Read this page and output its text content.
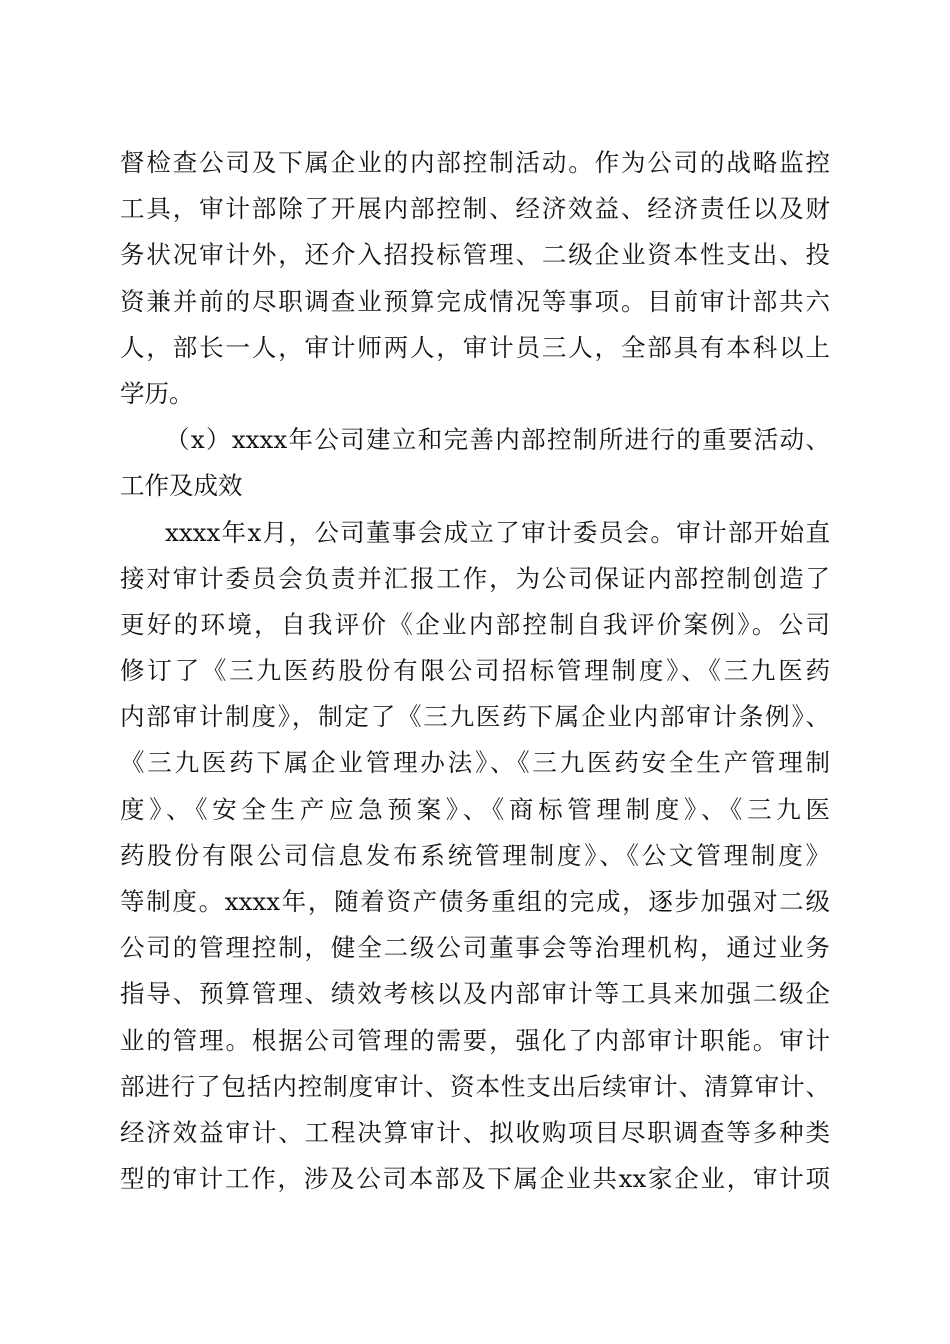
督检查公司及下属企业的内部控制活动。作为公司的战略监控
工具，审计部除了开展内部控制、经济效益、经济责任以及财
务状况审计外，还介入招投标管理、二级企业资本性支出、投
资兼并前的尽职调查业预算完成情况等事项。目前审计部共六
人，部长一人，审计师两人，审计员三人，全部具有本科以上
学历。
（x）xxxx年公司建立和完善内部控制所进行的重要活动、
工作及成效
xxxx年x月，公司董事会成立了审计委员会。审计部开始直
接对审计委员会负责并汇报工作，为公司保证内部控制创造了
更好的环境，自我评价《企业内部控制自我评价案例》。公司
修订了《三九医药股份有限公司招标管理制度》、《三九医药
内部审计制度》，制定了《三九医药下属企业内部审计条例》、
《三九医药下属企业管理办法》、《三九医药安全生产管理制
度》、《安全生产应急预案》、《商标管理制度》、《三九医
药股份有限公司信息发布系统管理制度》、《公文管理制度》
等制度。xxxx年，随着资产债务重组的完成，逐步加强对二级
公司的管理控制，健全二级公司董事会等治理机构，通过业务
指导、预算管理、绩效考核以及内部审计等工具来加强二级企
业的管理。根据公司管理的需要，强化了内部审计职能。审计
部进行了包括内控制度审计、资本性支出后续审计、清算审计、
经济效益审计、工程决算审计、拟收购项目尽职调查等多种类
型的审计工作，涉及公司本部及下属企业共xx家企业，审计项
